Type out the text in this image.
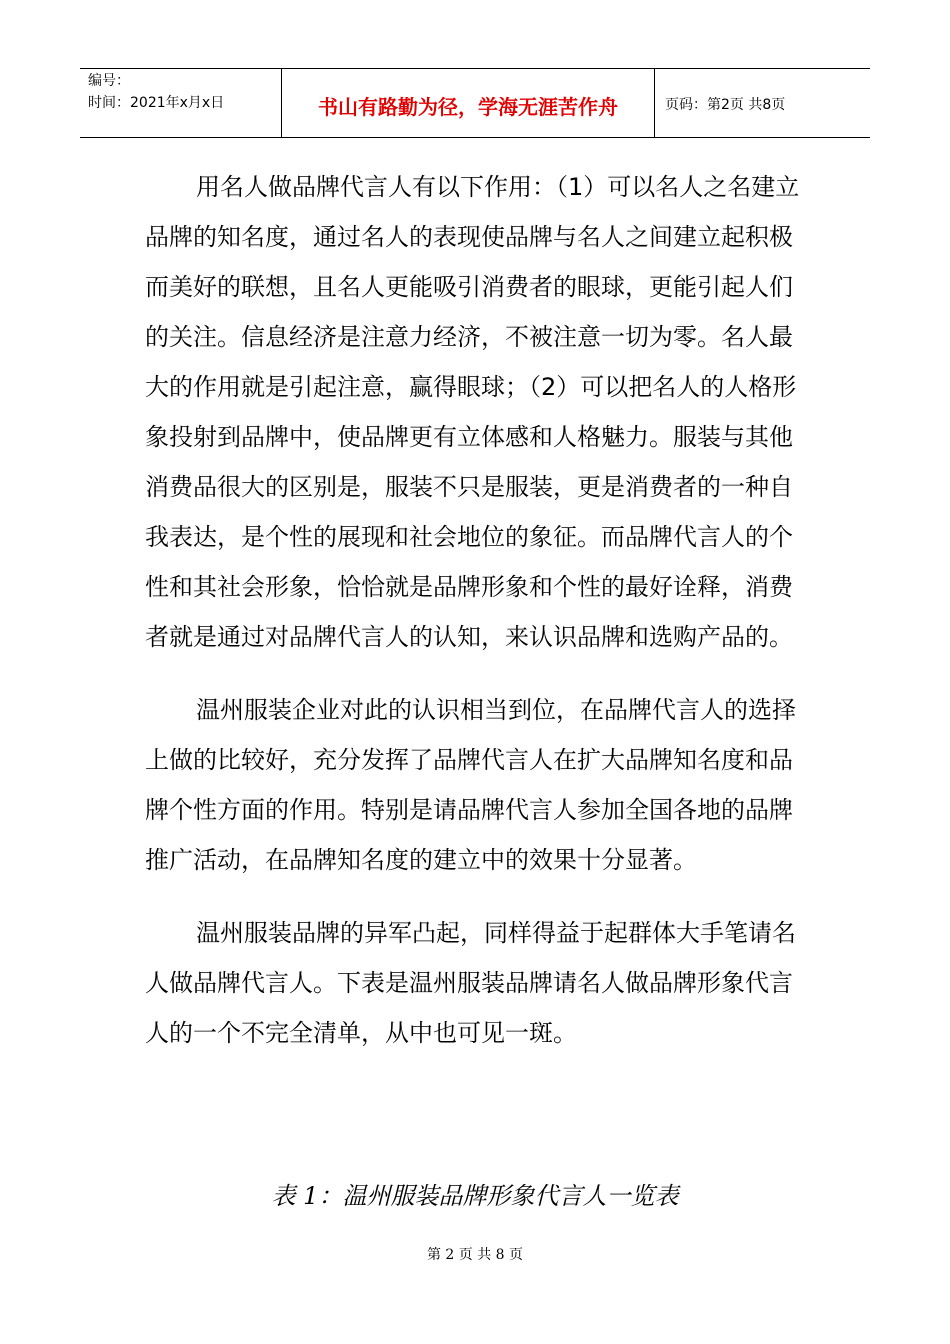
编号：
时间：2021年x月x日	书山有路勤为径，学海无涯苦作舟	页码：第2页 共8页

用名人做品牌代言人有以下作用：（1）可以名人之名建立品牌的知名度，通过名人的表现使品牌与名人之间建立起积极而美好的联想，且名人更能吸引消费者的眼球，更能引起人们的关注。信息经济是注意力经济，不被注意一切为零。名人最大的作用就是引起注意，赢得眼球；（2）可以把名人的人格形象投射到品牌中，使品牌更有立体感和人格魅力。服装与其他消费品很大的区别是，服装不只是服装，更是消费者的一种自我表达，是个性的展现和社会地位的象征。而品牌代言人的个性和其社会形象，恰恰就是品牌形象和个性的最好诠释，消费者就是通过对品牌代言人的认知，来认识品牌和选购产品的。

温州服装企业对此的认识相当到位，在品牌代言人的选择上做的比较好，充分发挥了品牌代言人在扩大品牌知名度和品牌个性方面的作用。特别是请品牌代言人参加全国各地的品牌推广活动，在品牌知名度的建立中的效果十分显著。

温州服装品牌的异军凸起，同样得益于起群体大手笔请名人做品牌代言人。下表是温州服装品牌请名人做品牌形象代言人的一个不完全清单，从中也可见一斑。

表 1：温州服装品牌形象代言人一览表
第 2 页 共 8 页
